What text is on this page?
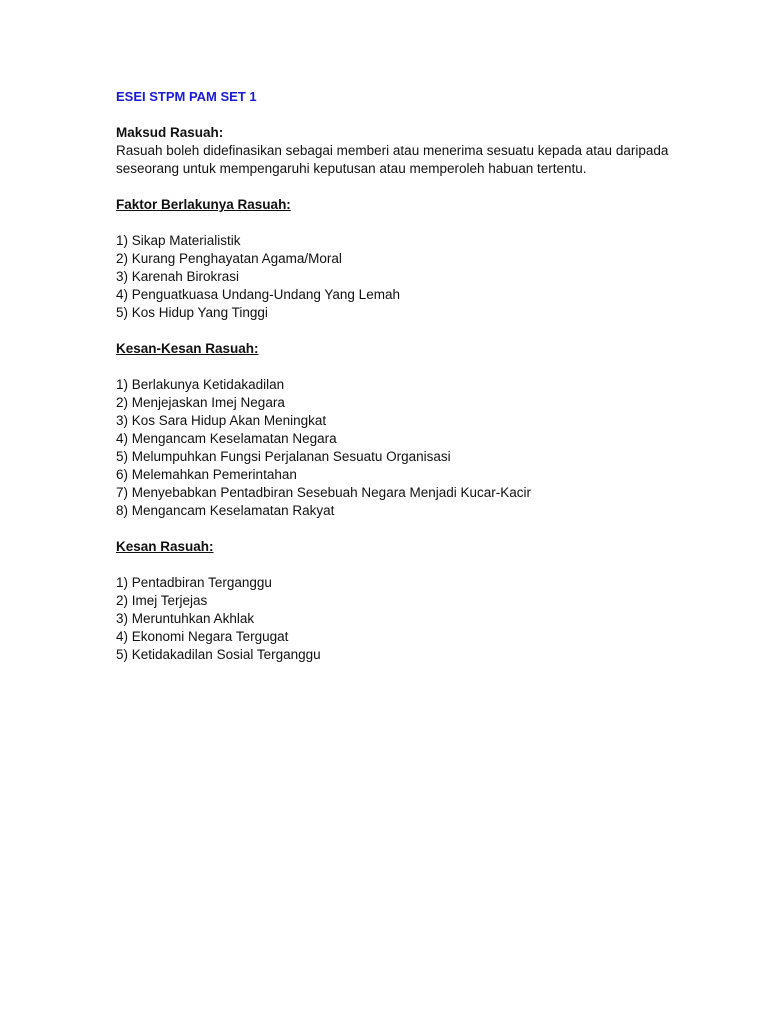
ESEI STPM PAM SET 1
Maksud Rasuah:

Rasuah boleh didefinasikan sebagai memberi atau menerima sesuatu kepada atau daripada seseorang untuk mempengaruhi keputusan atau memperoleh habuan tertentu.

Faktor Berlakunya Rasuah:
1) Sikap Materialistik
2) Kurang Penghayatan Agama/Moral
3) Karenah Birokrasi
4) Penguatkuasa Undang-Undang Yang Lemah
5) Kos Hidup Yang Tinggi
Kesan-Kesan Rasuah:
1) Berlakunya Ketidakadilan
2) Menjejaskan Imej Negara
3) Kos Sara Hidup Akan Meningkat
4) Mengancam Keselamatan Negara
5) Melumpuhkan Fungsi Perjalanan Sesuatu Organisasi
6) Melemahkan Pemerintahan
7) Menyebabkan Pentadbiran Sesebuah Negara Menjadi Kucar-Kacir
8) Mengancam Keselamatan Rakyat
Kesan Rasuah:
1) Pentadbiran Terganggu
2) Imej Terjejas
3) Meruntuhkan Akhlak
4) Ekonomi Negara Tergugat
5) Ketidakadilan Sosial Terganggu
